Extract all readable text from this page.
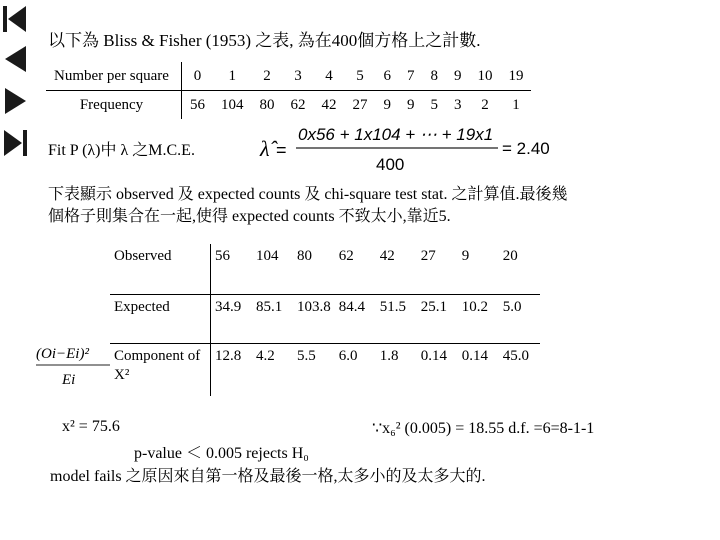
以下為 Bliss & Fisher (1953) 之表, 為在400個方格上之計數.
Number per square	0	1	2	3	4	5	6	7	8	9	10	19
Frequency	56	104	80	62	42	27	9	9	5	3	2	1
Fit P (λ)中 λ 之M.C.E.	λ̂ =
0x56 + 1x104 + ⋯ + 19x1
400
= 2.40
下表顯示 observed 及 expected counts 及 chi-square test stat. 之計算值.最後幾
個格子則集合在一起,使得 expected counts 不致太小,靠近5.
Observed	56	104	80	62	42	27	9	20
Expected	34.9	85.1	103.8	84.4	51.5	25.1	10.2	5.0
Component of X²	12.8	4.2	5.5	6.0	1.8	0.14	0.14	45.0
(Oi−Ei)²
Ei
x² = 75.6	∵x₆² (0.005) = 18.55 d.f. =6=8-1-1
p-value ＜ 0.005 rejects H₀
model fails 之原因來自第一格及最後一格,太多小的及太多大的.
